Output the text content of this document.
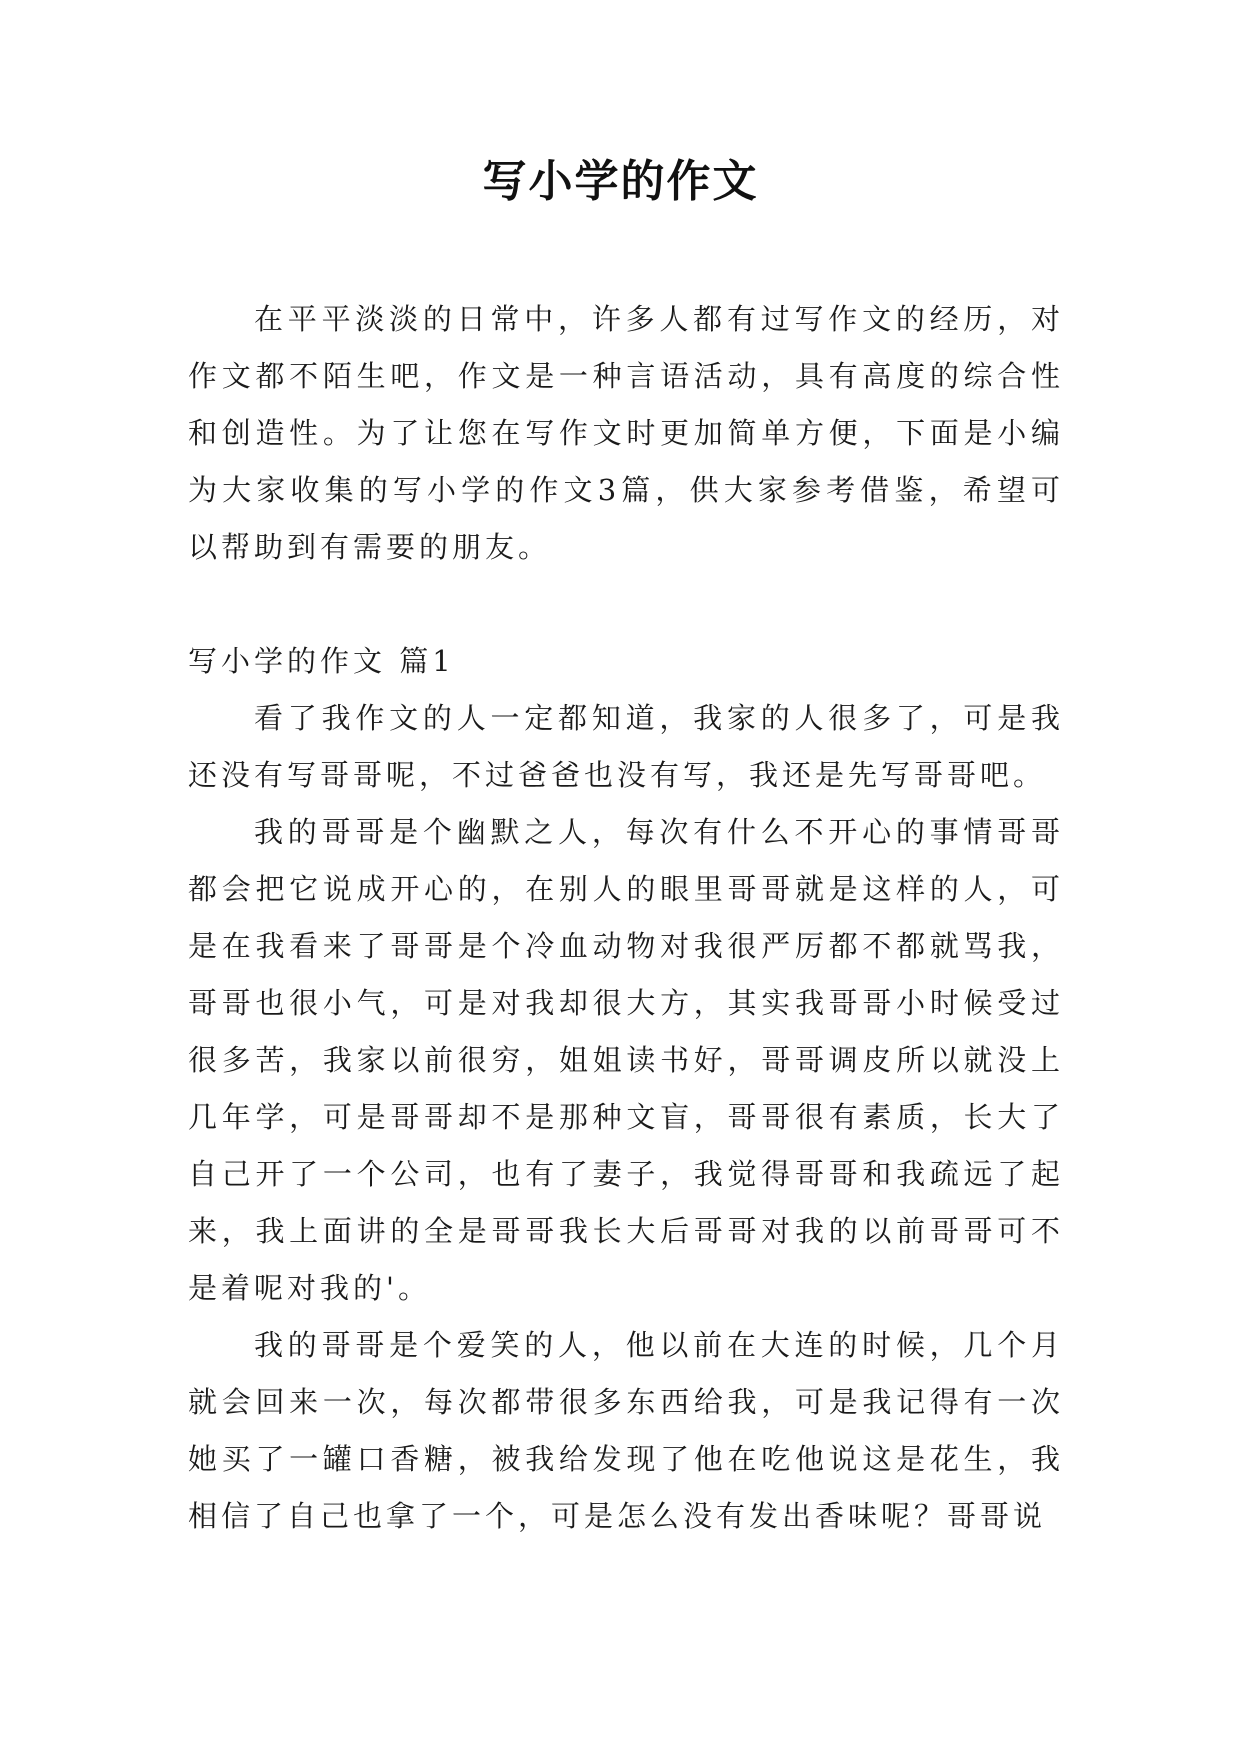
写小学的作文

在平平淡淡的日常中，许多人都有过写作文的经历，对作文都不陌生吧，作文是一种言语活动，具有高度的综合性和创造性。为了让您在写作文时更加简单方便，下面是小编为大家收集的写小学的作文3篇，供大家参考借鉴，希望可以帮助到有需要的朋友。

写小学的作文 篇1

看了我作文的人一定都知道，我家的人很多了，可是我还没有写哥哥呢，不过爸爸也没有写，我还是先写哥哥吧。

我的哥哥是个幽默之人，每次有什么不开心的事情哥哥都会把它说成开心的，在别人的眼里哥哥就是这样的人，可是在我看来了哥哥是个冷血动物对我很严厉都不都就骂我，哥哥也很小气，可是对我却很大方，其实我哥哥小时候受过很多苦，我家以前很穷，姐姐读书好，哥哥调皮所以就没上几年学，可是哥哥却不是那种文盲，哥哥很有素质，长大了自己开了一个公司，也有了妻子，我觉得哥哥和我疏远了起来，我上面讲的全是哥哥我长大后哥哥对我的以前哥哥可不是着呢对我的'。

我的哥哥是个爱笑的人，他以前在大连的时候，几个月就会回来一次，每次都带很多东西给我，可是我记得有一次她买了一罐口香糖，被我给发现了他在吃他说这是花生，我相信了自己也拿了一个，可是怎么没有发出香味呢？哥哥说
